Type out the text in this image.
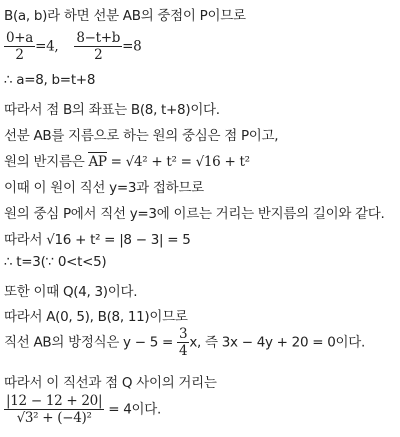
B(a, b)라 하면 선분 AB의 중점이 P이므로
$\frac{0+a}{2} =4$, $\frac{8-t+b}{2} =8$
∴ a=8, b=t+8
따라서 점 B의 좌표는 B(8, t+8)이다.
선분 AB를 지름으로 하는 원의 중심은 점 P이고,
원의 반지름은 AP = √4² + t² = √16 + t²
이때 이 원이 직선 y=3과 접하므로
원의 중심 P에서 직선 y=3에 이르는 거리는 반지름의 길이와 같다.
따라서 √16 + t² = |8 − 3| = 5
∴ t=3(∵ 0<t<5)
또한 이때 Q(4, 3)이다.
따라서 A(0, 5), B(8, 11)이므로
직선 AB의 방정식은 $y - 5 = \frac{3}{4} x$, 즉 3x − 4y + 20 = 0이다.
따라서 이 직선과 점 Q 사이의 거리는
$\frac{|12 - 12 + 20|}{\text{√3² + (−4)²}} = 4$이다.
